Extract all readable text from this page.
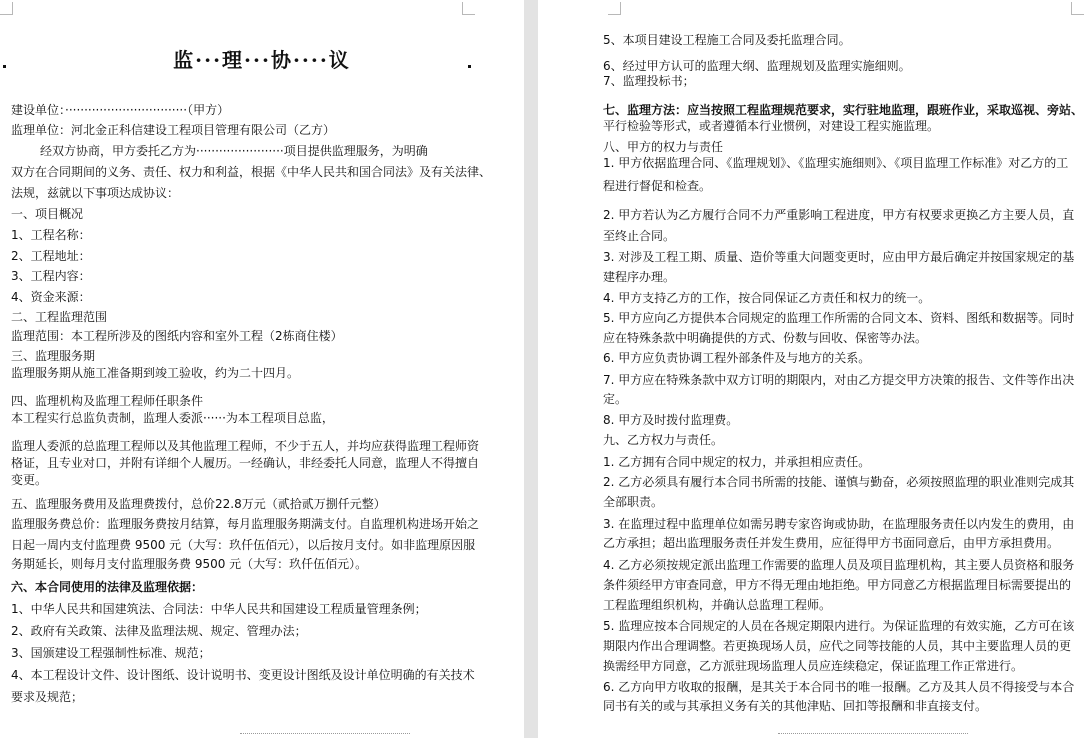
监···理···协····议
建设单位：································（甲方）
监理单位：河北金正科信建设工程项目管理有限公司（乙方）
经双方协商，甲方委托乙方为·······················项目提供监理服务，为明确
双方在合同期间的义务、责任、权力和利益，根据《中华人民共和国合同法》及有关法律、
法规，兹就以下事项达成协议：
一、项目概况
1、工程名称：
2、工程地址：
3、工程内容：
4、资金来源：
二、工程监理范围
监理范围：本工程所涉及的图纸内容和室外工程（2栋商住楼）
三、监理服务期
监理服务期从施工准备期到竣工验收，约为二十四月。
四、监理机构及监理工程师任职条件
本工程实行总监负责制，监理人委派······为本工程项目总监，
监理人委派的总监理工程师以及其他监理工程师，不少于五人，并均应获得监理工程师资
格证，且专业对口，并附有详细个人履历。一经确认，非经委托人同意，监理人不得擅自
变更。
五、监理服务费用及监理费拨付，总价22.8万元（贰拾贰万捌仟元整）
监理服务费总价：监理服务费按月结算，每月监理服务期满支付。自监理机构进场开始之
日起一周内支付监理费 9500 元（大写：玖仟伍佰元），以后按月支付。如非监理原因服
务期延长，则每月支付监理服务费 9500 元（大写：玖仟伍佰元）。
六、本合同使用的法律及监理依据：
1、中华人民共和国建筑法、合同法：中华人民共和国建设工程质量管理条例；
2、政府有关政策、法律及监理法规、规定、管理办法；
3、国颁建设工程强制性标准、规范；
4、本工程设计文件、设计图纸、设计说明书、变更设计图纸及设计单位明确的有关技术
要求及规范；
5、本项目建设工程施工合同及委托监理合同。
6、经过甲方认可的监理大纲、监理规划及监理实施细则。
7、监理投标书；
七、监理方法：应当按照工程监理规范要求，实行驻地监理，跟班作业，采取巡视、旁站、
平行检验等形式，或者遵循本行业惯例，对建设工程实施监理。
八、甲方的权力与责任
1. 甲方依据监理合同、《监理规划》、《监理实施细则》、《项目监理工作标准》对乙方的工
程进行督促和检查。
2. 甲方若认为乙方履行合同不力严重影响工程进度，甲方有权要求更换乙方主要人员，直
至终止合同。
3. 对涉及工程工期、质量、造价等重大问题变更时，应由甲方最后确定并按国家规定的基
建程序办理。
4. 甲方支持乙方的工作，按合同保证乙方责任和权力的统一。
5. 甲方应向乙方提供本合同规定的监理工作所需的合同文本、资料、图纸和数据等。同时
应在特殊条款中明确提供的方式、份数与回收、保密等办法。
6. 甲方应负责协调工程外部条件及与地方的关系。
7. 甲方应在特殊条款中双方订明的期限内，对由乙方提交甲方决策的报告、文件等作出决
定。
8. 甲方及时拨付监理费。
九、乙方权力与责任。
1. 乙方拥有合同中规定的权力，并承担相应责任。
2. 乙方必须具有履行本合同书所需的技能、谨慎与勤奋，必须按照监理的职业准则完成其
全部职责。
3. 在监理过程中监理单位如需另聘专家咨询或协助，在监理服务责任以内发生的费用，由
乙方承担；超出监理服务责任并发生费用，应征得甲方书面同意后，由甲方承担费用。
4. 乙方必须按规定派出监理工作需要的监理人员及项目监理机构，其主要人员资格和服务
条件须经甲方审查同意，甲方不得无理由地拒绝。甲方同意乙方根据监理目标需要提出的
工程监理组织机构，并确认总监理工程师。
5. 监理应按本合同规定的人员在各规定期限内进行。为保证监理的有效实施，乙方可在该
期限内作出合理调整。若更换现场人员，应代之同等技能的人员，其中主要监理人员的更
换需经甲方同意，乙方派驻现场监理人员应连续稳定，保证监理工作正常进行。
6. 乙方向甲方收取的报酬，是其关于本合同书的唯一报酬。乙方及其人员不得接受与本合
同书有关的或与其承担义务有关的其他津贴、回扣等报酬和非直接支付。
